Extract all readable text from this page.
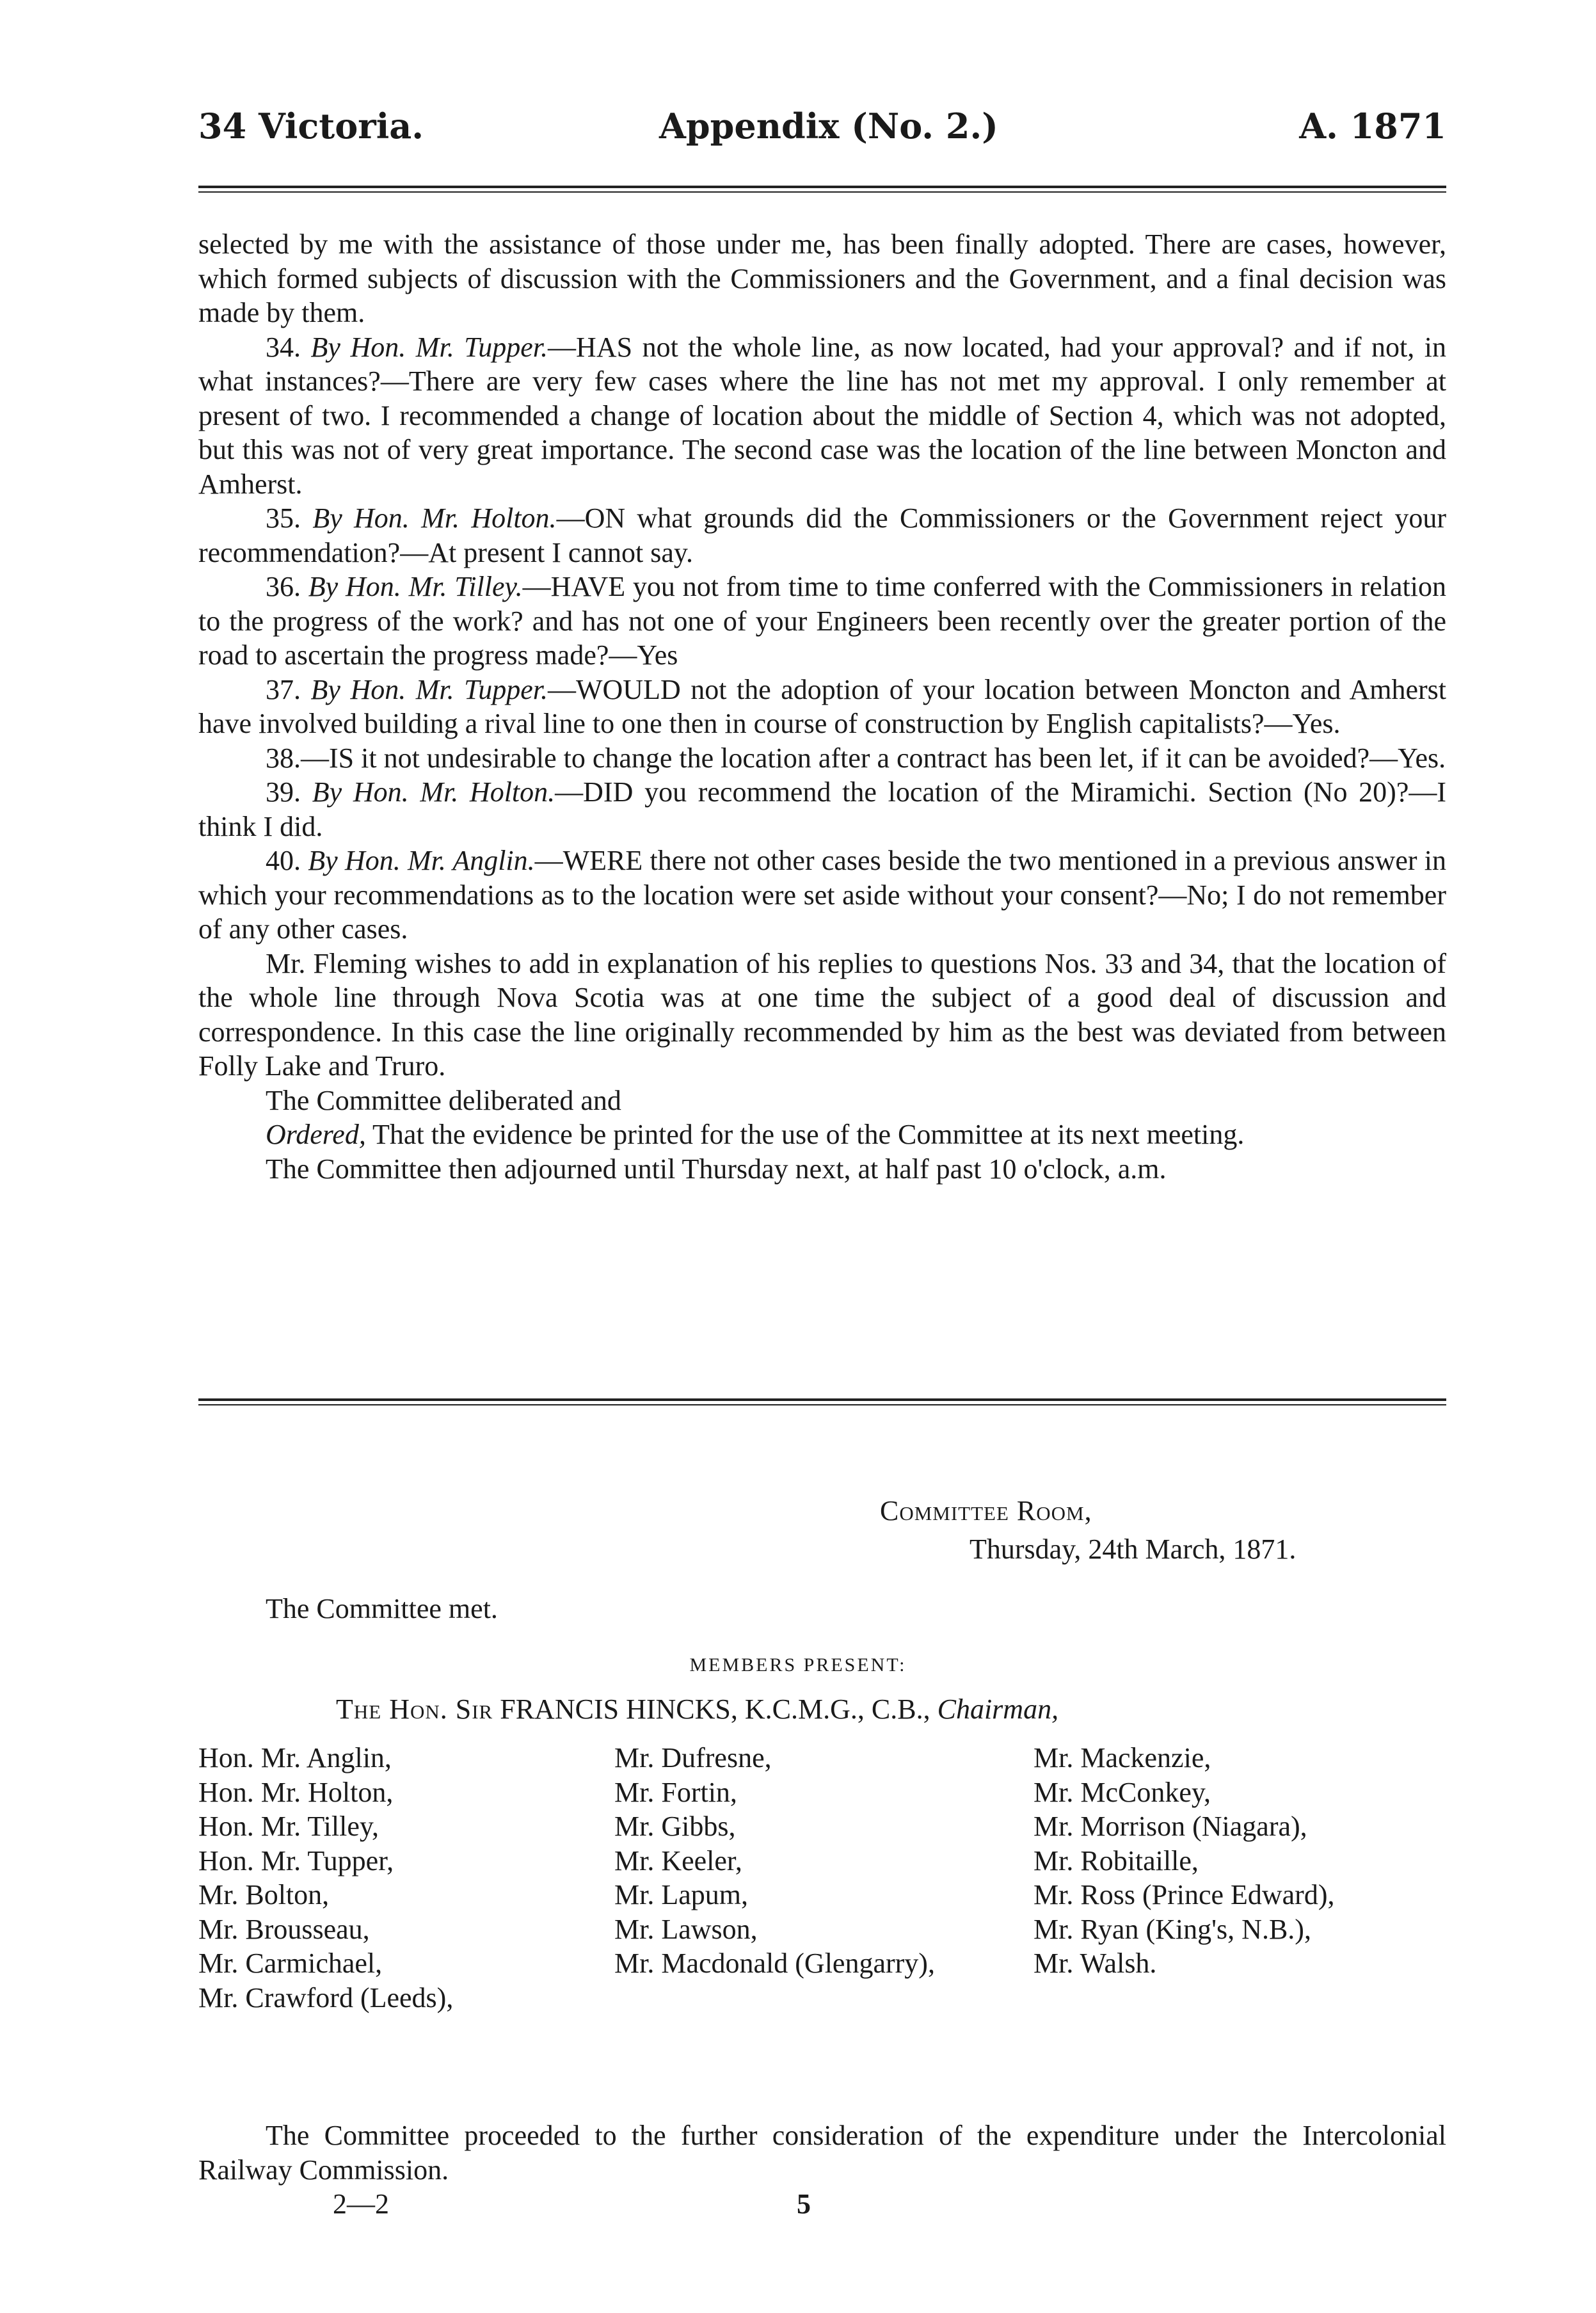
34 Victoria.	Appendix (No. 2.)	A. 1871

selected by me with the assistance of those under me, has been finally adopted. There are cases, however, which formed subjects of discussion with the Commissioners and the Government, and a final decision was made by them.

34. By Hon. Mr. Tupper.—HAS not the whole line, as now located, had your approval? and if not, in what instances?—There are very few cases where the line has not met my approval. I only remember at present of two. I recommended a change of location about the middle of Section 4, which was not adopted, but this was not of very great importance. The second case was the location of the line between Moncton and Amherst.

35. By Hon. Mr. Holton.—ON what grounds did the Commissioners or the Government reject your recommendation?—At present I cannot say.

36. By Hon. Mr. Tilley.—HAVE you not from time to time conferred with the Commissioners in relation to the progress of the work? and has not one of your Engineers been recently over the greater portion of the road to ascertain the progress made?—Yes

37. By Hon. Mr. Tupper.—WOULD not the adoption of your location between Moncton and Amherst have involved building a rival line to one then in course of construction by English capitalists?—Yes.

38.—IS it not undesirable to change the location after a contract has been let, if it can be avoided?—Yes.

39. By Hon. Mr. Holton.—DID you recommend the location of the Miramichi. Section (No 20)?—I think I did.

40. By Hon. Mr. Anglin.—WERE there not other cases beside the two mentioned in a previous answer in which your recommendations as to the location were set aside without your consent?—No; I do not remember of any other cases.

Mr. Fleming wishes to add in explanation of his replies to questions Nos. 33 and 34, that the location of the whole line through Nova Scotia was at one time the subject of a good deal of discussion and correspondence. In this case the line originally recommended by him as the best was deviated from between Folly Lake and Truro.

The Committee deliberated and

Ordered, That the evidence be printed for the use of the Committee at its next meeting.

The Committee then adjourned until Thursday next, at half past 10 o'clock, a.m.

Committee Room,
Thursday, 24th March, 1871.
The Committee met.
MEMBERS PRESENT:
The Hon. Sir FRANCIS HINCKS, K.C.M.G., C.B., Chairman,
Hon. Mr. Anglin,
Hon. Mr. Holton,
Hon. Mr. Tilley,
Hon. Mr. Tupper,
Mr. Bolton,
Mr. Brousseau,
Mr. Carmichael,
Mr. Crawford (Leeds),
Mr. Dufresne,
Mr. Fortin,
Mr. Gibbs,
Mr. Keeler,
Mr. Lapum,
Mr. Lawson,
Mr. Macdonald (Glengarry),
Mr. Mackenzie,
Mr. McConkey,
Mr. Morrison (Niagara),
Mr. Robitaille,
Mr. Ross (Prince Edward),
Mr. Ryan (King's, N.B.),
Mr. Walsh.

The Committee proceeded to the further consideration of the expenditure under the Intercolonial Railway Commission.

2—2	5
